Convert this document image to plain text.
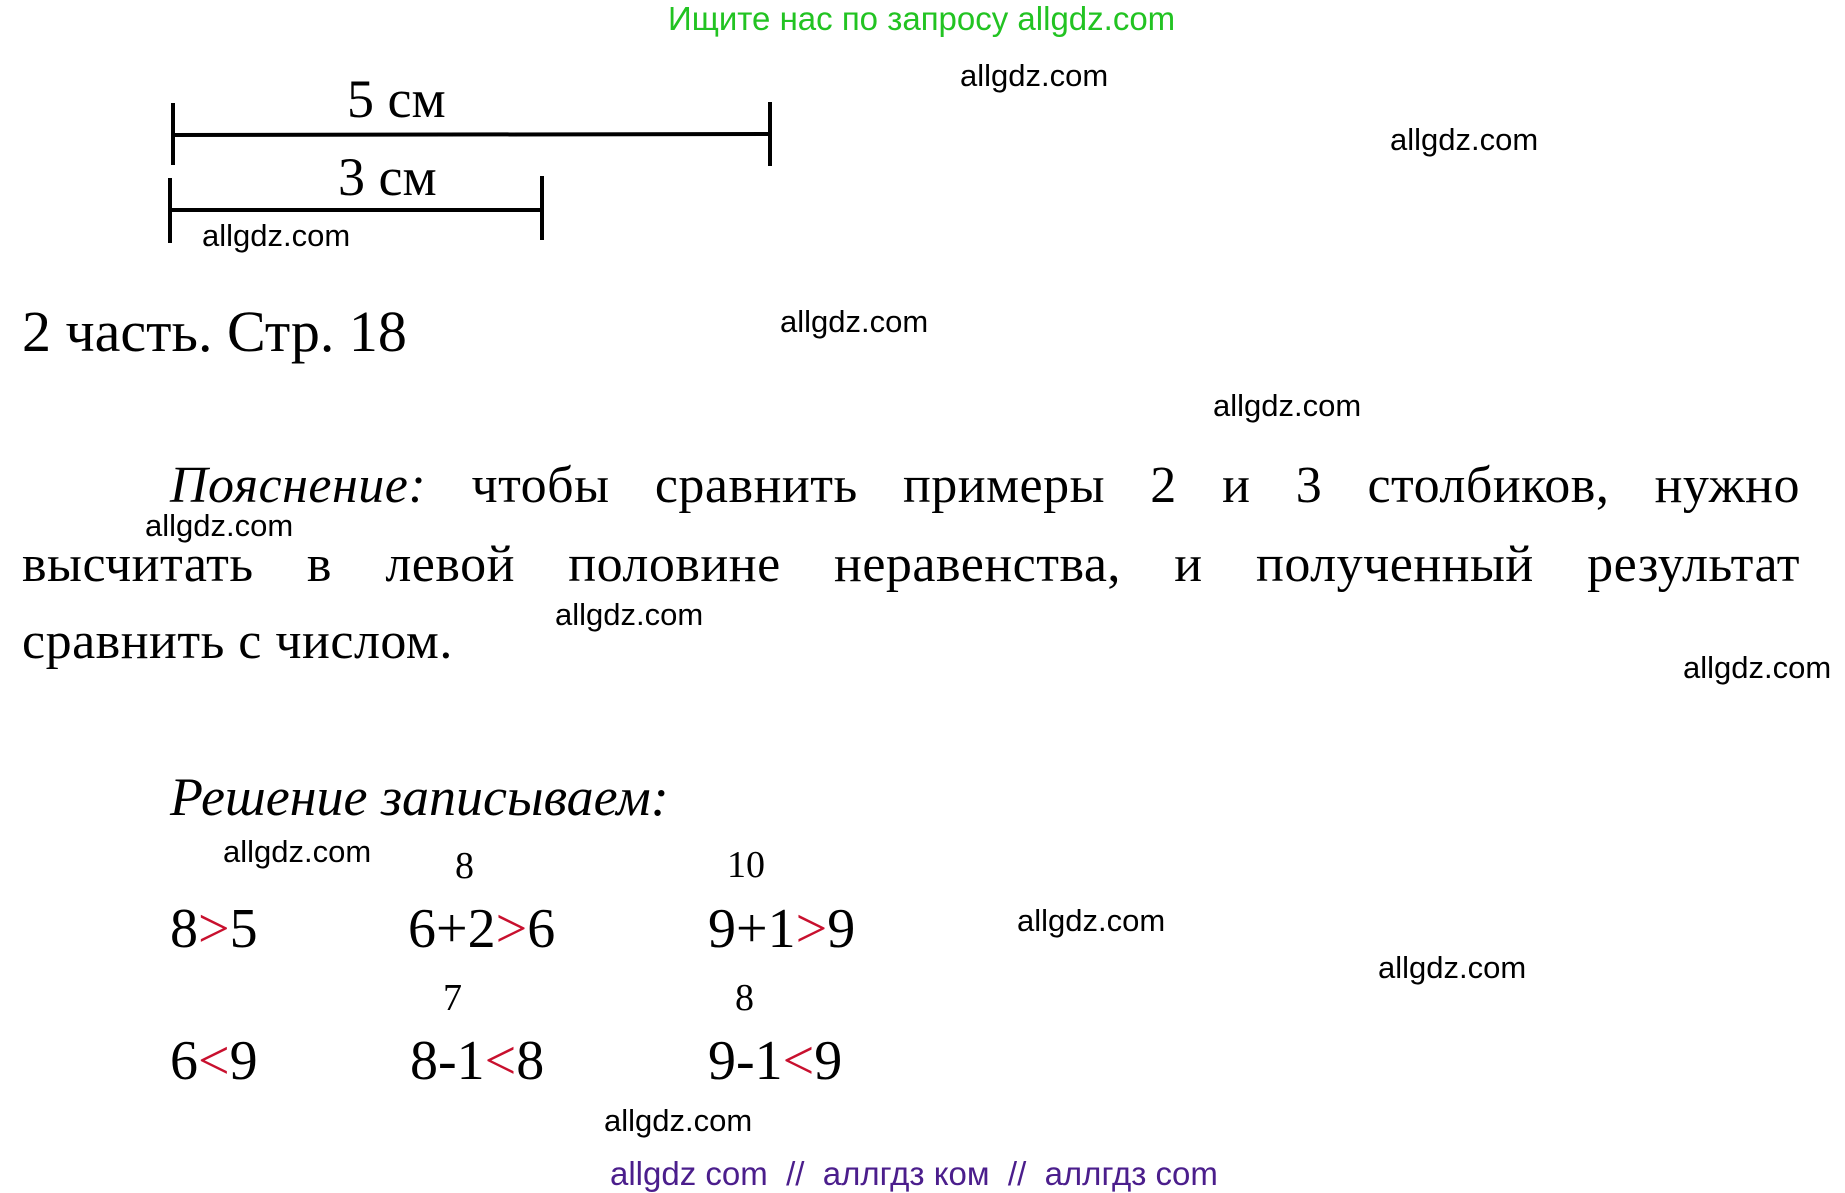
Ищите нас по запросу allgdz.com
5 см
3 см
2 часть. Стр. 18
Пояснение: чтобы сравнить примеры 2 и 3 столбиков, нужно
высчитать в левой половине неравенства, и полученный результат
сравнить с числом.
Решение записываем:
8	10
8>5	6+2>6	9+1>9
7	8
6<9	8-1<8	9-1<9
allgdz.com
allgdz.com
allgdz.com
allgdz.com
allgdz.com
allgdz.com
allgdz.com
allgdz.com
allgdz.com
allgdz.com
allgdz.com
allgdz.com
allgdz com  //  аллгдз ком  //  аллгдз com
